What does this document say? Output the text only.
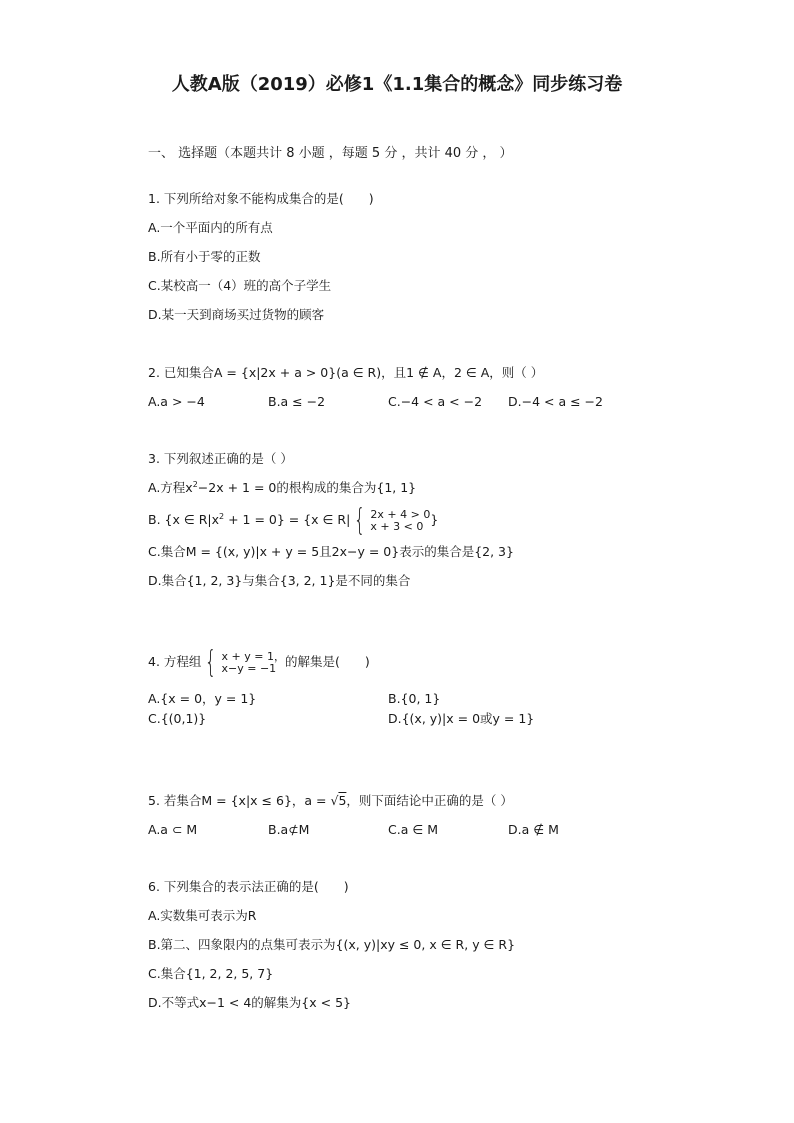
人教A版（2019）必修1《1.1集合的概念》同步练习卷
一、 选择题（本题共计 8 小题 ，每题 5 分 ，共计 40 分 ， ）
1. 下列所给对象不能构成集合的是(　　)
A.一个平面内的所有点
B.所有小于零的正数
C.某校高一（4）班的高个子学生
D.某一天到商场买过货物的顾客
2. 已知集合A = {x|2x + a > 0}(a ∈ R)，且1 ∉ A，2 ∈ A，则（ ）
A.a > −4	B.a ≤ −2	C.−4 < a < −2 D.−4 < a ≤ −2
3. 下列叙述正确的是（ ）
A.方程$x^2-2x + 1 = 0$的根构成的集合为{1, 1}
B. {x ∈ $R|x^2 + 1 = 0\} = \{x$ ∈ R| { 2x + 4 > 0
x + 3 < 0 }
C.集合M = {(x, y)|x + y = 5且2x−y = 0}表示的集合是{2, 3}
D.集合{1, 2, 3}与集合{3, 2, 1}是不同的集合
4. 方程组 { x + y = 1，
x−y = −1 的解集是(　　)
A.{x = 0，y = 1}	B.{0, 1}
C.{(0,1)}	D.{(x, y)|x = 0或y = 1}
5. 若集合M = {x|x ≤ 6}，a = √5，则下面结论中正确的是（ ）
A.a ⊂ M	B.a⊄M	C.a ∈ M	D.a ∉ M
6. 下列集合的表示法正确的是(　　)
A.实数集可表示为R
B.第二、四象限内的点集可表示为{(x, y)|xy ≤ 0, x ∈ R, y ∈ R}
C.集合{1, 2, 2, 5, 7}
D.不等式x−1 < 4的解集为{x < 5}
